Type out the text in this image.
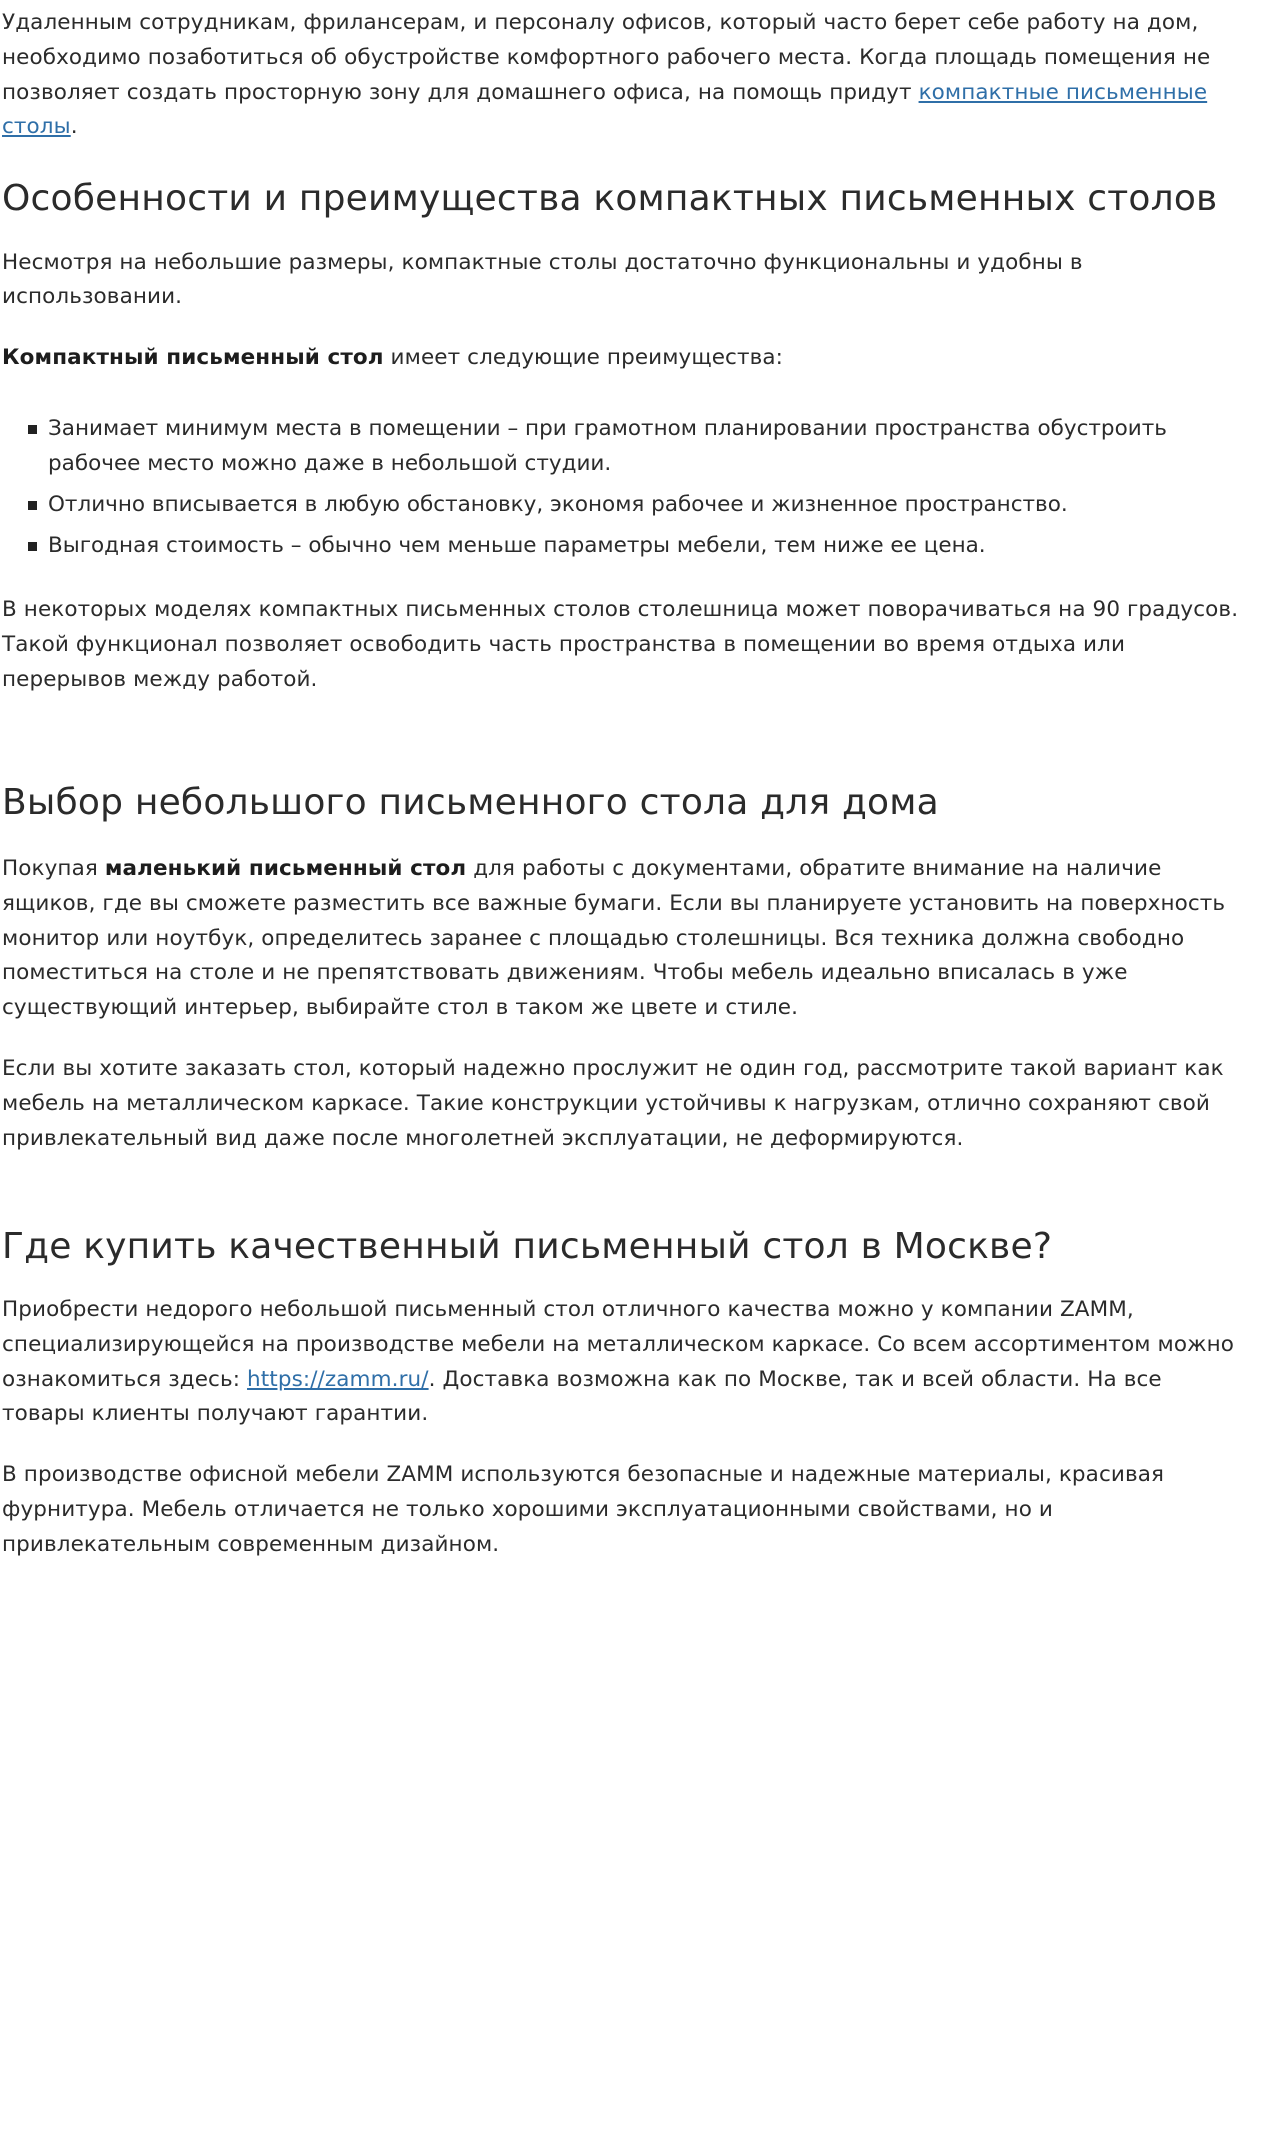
Удаленным сотрудникам, фрилансерам, и персоналу офисов, который часто берет себе работу на дом, необходимо позаботиться об обустройстве комфортного рабочего места. Когда площадь помещения не позволяет создать просторную зону для домашнего офиса, на помощь придут компактные письменные столы.

Особенности и преимущества компактных письменных столов

Несмотря на небольшие размеры, компактные столы достаточно функциональны и удобны в использовании.

Компактный письменный стол имеет следующие преимущества:

Занимает минимум места в помещении – при грамотном планировании пространства обустроить рабочее место можно даже в небольшой студии.
Отлично вписывается в любую обстановку, экономя рабочее и жизненное пространство.
Выгодная стоимость – обычно чем меньше параметры мебели, тем ниже ее цена.

В некоторых моделях компактных письменных столов столешница может поворачиваться на 90 градусов. Такой функционал позволяет освободить часть пространства в помещении во время отдыха или перерывов между работой.

Выбор небольшого письменного стола для дома

Покупая маленький письменный стол для работы с документами, обратите внимание на наличие ящиков, где вы сможете разместить все важные бумаги. Если вы планируете установить на поверхность монитор или ноутбук, определитесь заранее с площадью столешницы. Вся техника должна свободно поместиться на столе и не препятствовать движениям. Чтобы мебель идеально вписалась в уже существующий интерьер, выбирайте стол в таком же цвете и стиле.

Если вы хотите заказать стол, который надежно прослужит не один год, рассмотрите такой вариант как мебель на металлическом каркасе. Такие конструкции устойчивы к нагрузкам, отлично сохраняют свой привлекательный вид даже после многолетней эксплуатации, не деформируются.

Где купить качественный письменный стол в Москве?

Приобрести недорого небольшой письменный стол отличного качества можно у компании ZAMM, специализирующейся на производстве мебели на металлическом каркасе. Со всем ассортиментом можно ознакомиться здесь: https://zamm.ru/. Доставка возможна как по Москве, так и всей области. На все товары клиенты получают гарантии.

В производстве офисной мебели ZAMM используются безопасные и надежные материалы, красивая фурнитура. Мебель отличается не только хорошими эксплуатационными свойствами, но и привлекательным современным дизайном.
